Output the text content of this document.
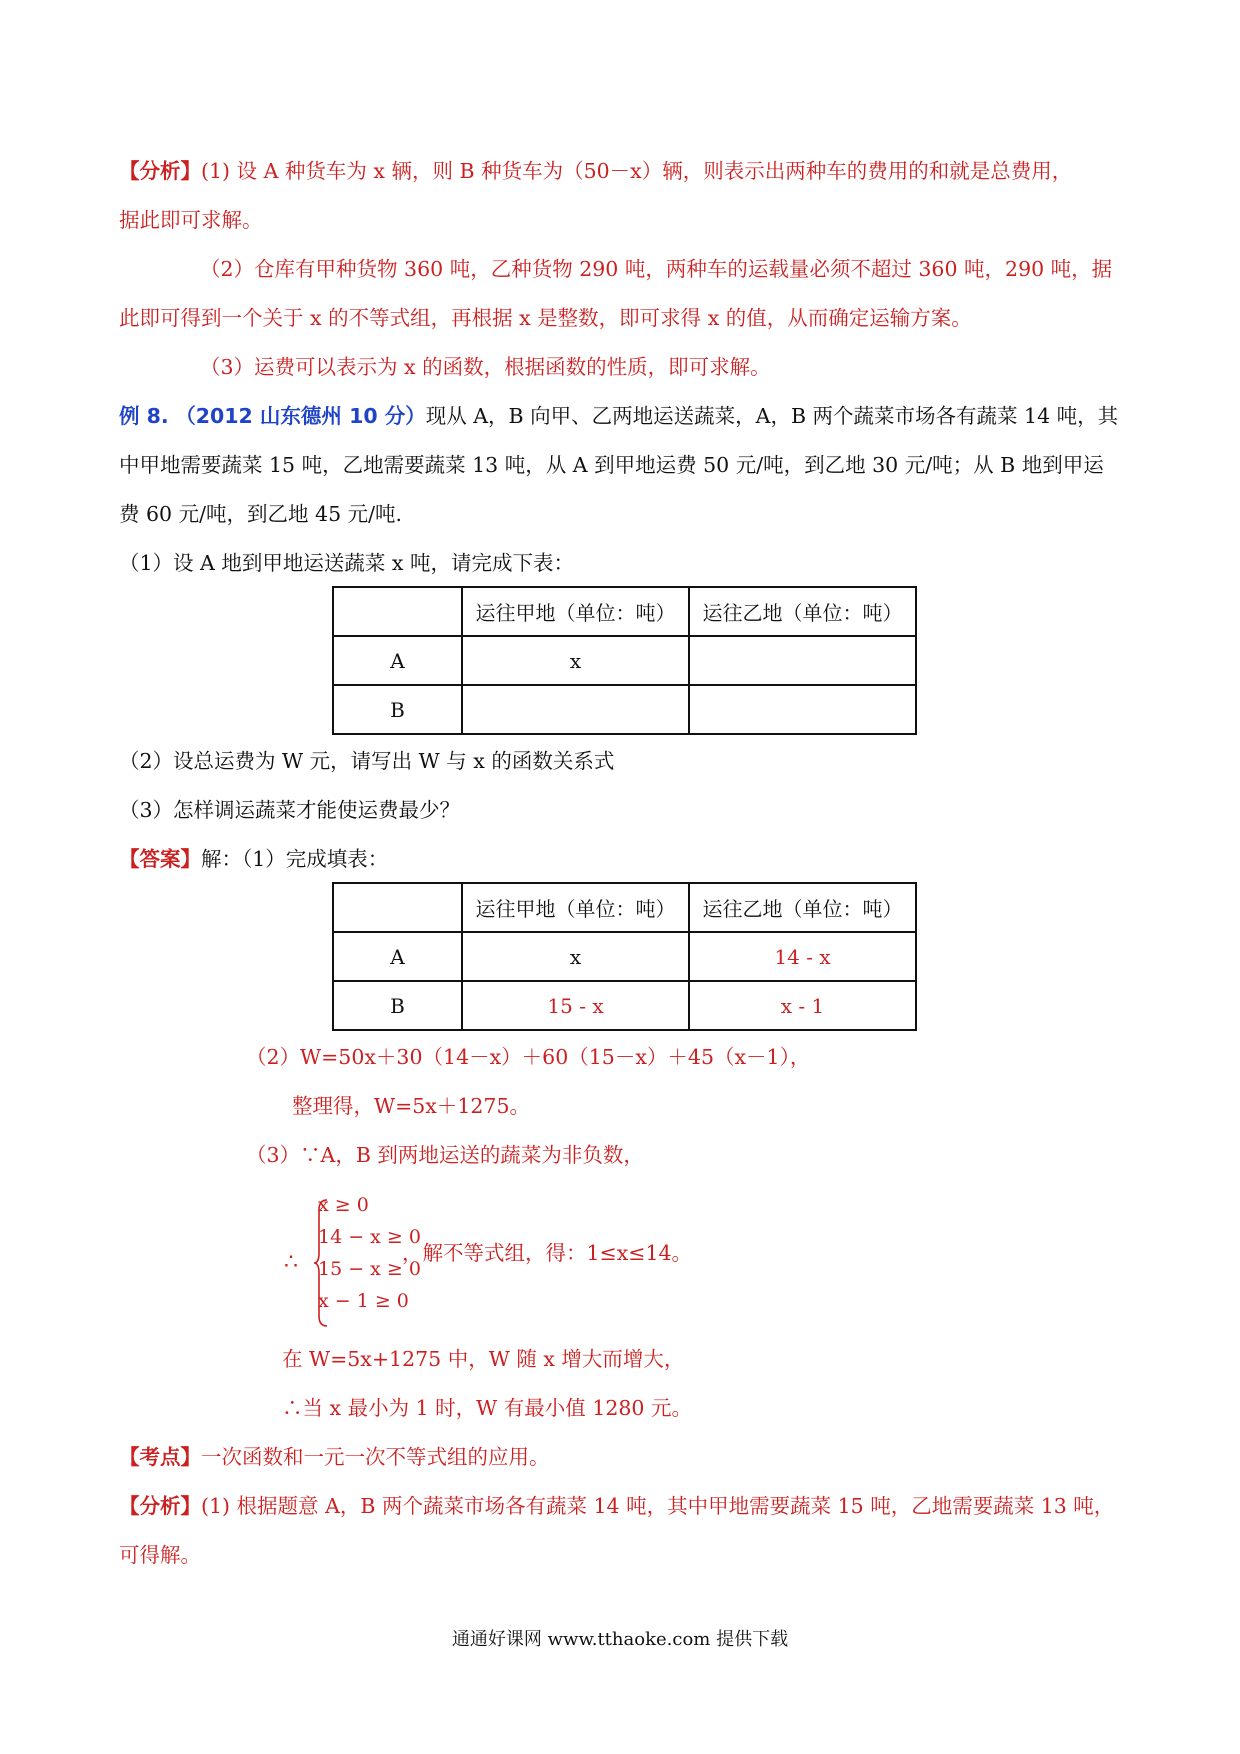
【分析】(1) 设 A 种货车为 x 辆，则 B 种货车为（50－x）辆，则表示出两种车的费用的和就是总费用，
据此即可求解。
（2）仓库有甲种货物 360 吨，乙种货物 290 吨，两种车的运载量必须不超过 360 吨，290 吨，据
此即可得到一个关于 x 的不等式组，再根据 x 是整数，即可求得 x 的值，从而确定运输方案。
（3）运费可以表示为 x 的函数，根据函数的性质，即可求解。
例 8. （2012 山东德州 10 分）现从 A，B 向甲、乙两地运送蔬菜，A，B 两个蔬菜市场各有蔬菜 14 吨，其
中甲地需要蔬菜 15 吨，乙地需要蔬菜 13 吨，从 A 到甲地运费 50 元/吨，到乙地 30 元/吨；从 B 地到甲运
费 60 元/吨，到乙地 45 元/吨.
（1）设 A 地到甲地运送蔬菜 x 吨，请完成下表：
	运往甲地（单位：吨）	运往乙地（单位：吨）
A	x	
B		
（2）设总运费为 W 元，请写出 W 与 x 的函数关系式
（3）怎样调运蔬菜才能使运费最少？
【答案】解：（1）完成填表：
	运往甲地（单位：吨）	运往乙地（单位：吨）
A	x	14 - x
B	15 - x	x - 1
（2）W=50x＋30（14－x）＋60（15－x）＋45（x－1），
整理得，W=5x＋1275。
（3）∵A，B 到两地运送的蔬菜为非负数，
∴
x ≥ 0
14 − x ≥ 0
15 − x ≥ 0
x − 1 ≥ 0
，解不等式组，得：1≤x≤14。
在 W=5x+1275 中，W 随 x 增大而增大，
∴当 x 最小为 1 时，W 有最小值 1280 元。
【考点】一次函数和一元一次不等式组的应用。
【分析】(1) 根据题意 A，B 两个蔬菜市场各有蔬菜 14 吨，其中甲地需要蔬菜 15 吨，乙地需要蔬菜 13 吨，
可得解。
通通好课网 www.tthaoke.com 提供下载
